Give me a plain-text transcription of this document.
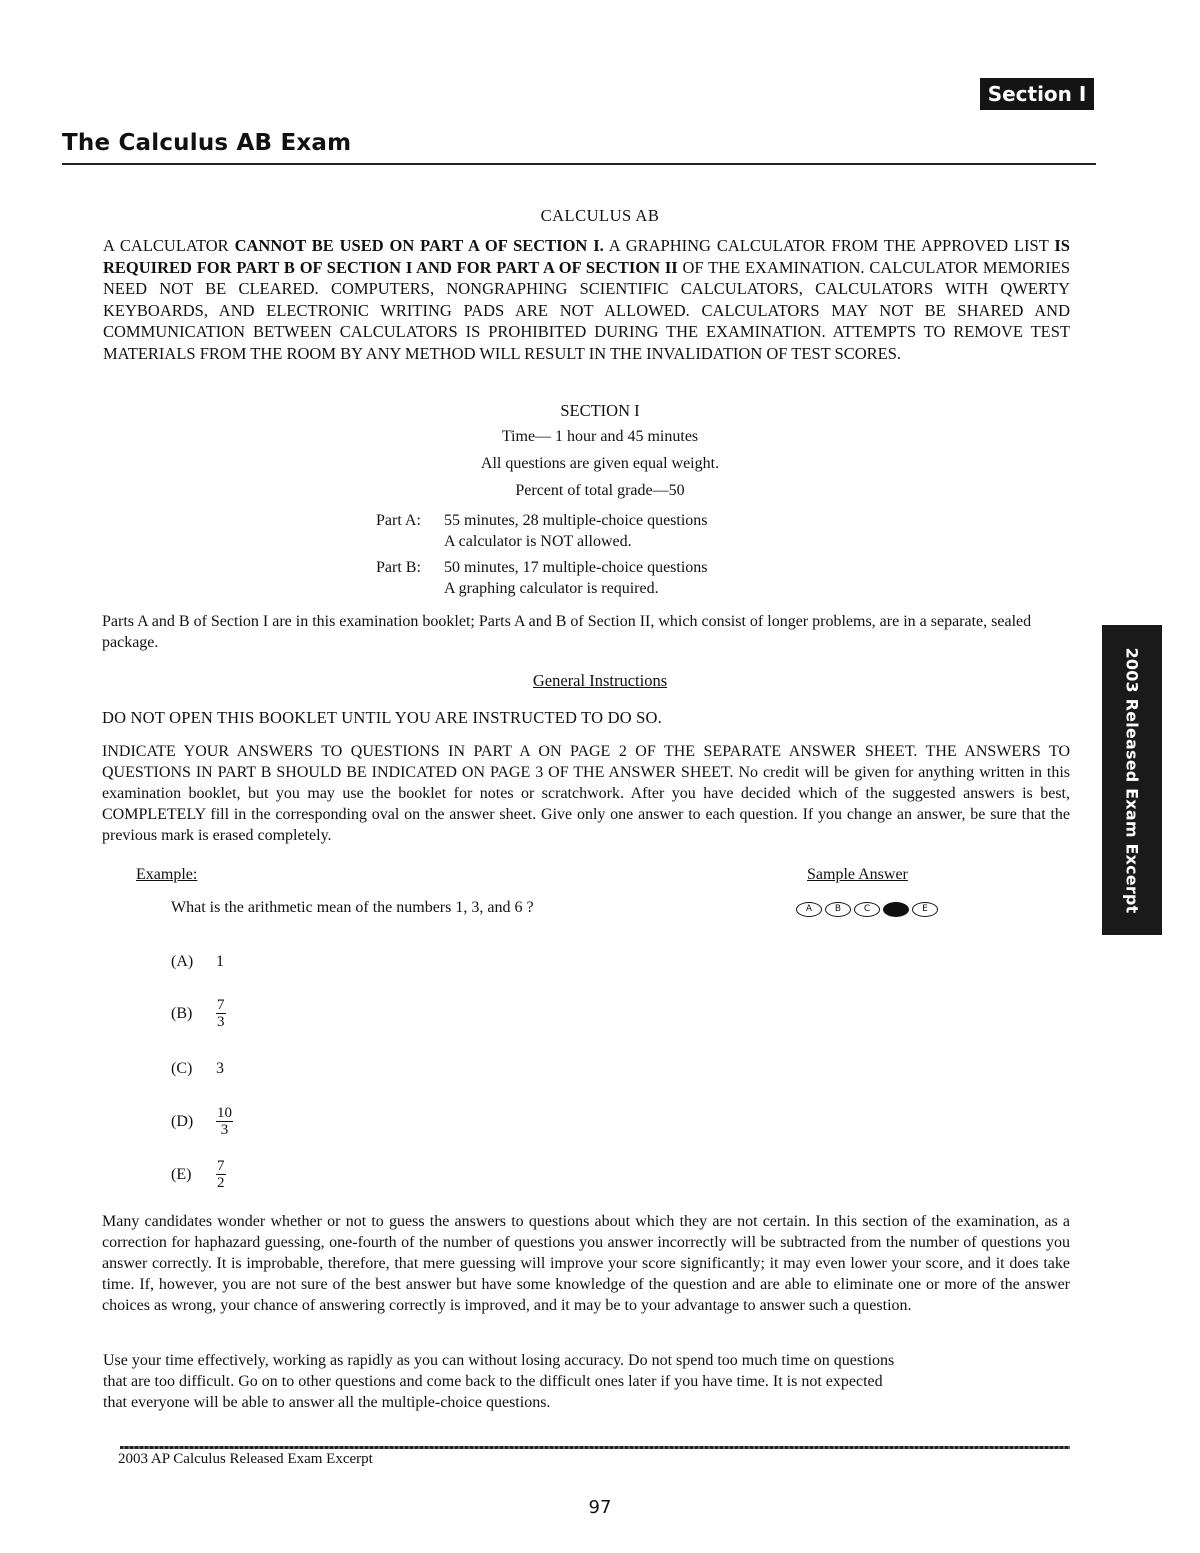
Section I
The Calculus AB Exam
2003 Released Exam Excerpt
CALCULUS AB
A CALCULATOR CANNOT BE USED ON PART A OF SECTION I. A GRAPHING CALCULATOR FROM THE APPROVED LIST IS REQUIRED FOR PART B OF SECTION I AND FOR PART A OF SECTION II OF THE EXAMINATION. CALCULATOR MEMORIES NEED NOT BE CLEARED. COMPUTERS, NONGRAPHING SCIENTIFIC CALCULATORS, CALCULATORS WITH QWERTY KEYBOARDS, AND ELECTRONIC WRITING PADS ARE NOT ALLOWED. CALCULATORS MAY NOT BE SHARED AND COMMUNICATION BETWEEN CALCULATORS IS PROHIBITED DURING THE EXAMINATION. ATTEMPTS TO REMOVE TEST MATERIALS FROM THE ROOM BY ANY METHOD WILL RESULT IN THE INVALIDATION OF TEST SCORES.
SECTION I
Time— 1 hour and 45 minutes
All questions are given equal weight.
Percent of total grade—50
Part A: 55 minutes, 28 multiple-choice questions
A calculator is NOT allowed.
Part B: 50 minutes, 17 multiple-choice questions
A graphing calculator is required.
Parts A and B of Section I are in this examination booklet; Parts A and B of Section II, which consist of longer problems, are in a separate, sealed package.
General Instructions
DO NOT OPEN THIS BOOKLET UNTIL YOU ARE INSTRUCTED TO DO SO.
INDICATE YOUR ANSWERS TO QUESTIONS IN PART A ON PAGE 2 OF THE SEPARATE ANSWER SHEET. THE ANSWERS TO QUESTIONS IN PART B SHOULD BE INDICATED ON PAGE 3 OF THE ANSWER SHEET. No credit will be given for anything written in this examination booklet, but you may use the booklet for notes or scratchwork. After you have decided which of the suggested answers is best, COMPLETELY fill in the corresponding oval on the answer sheet. Give only one answer to each question. If you change an answer, be sure that the previous mark is erased completely.
Example:	Sample Answer
What is the arithmetic mean of the numbers 1, 3, and 6 ?	A	B	C	D	E
(A)	1
(B)	$\frac{7}{3}$
(C)	3
(D)	$\frac{10}{3}$
(E)	$\frac{7}{2}$
Many candidates wonder whether or not to guess the answers to questions about which they are not certain. In this section of the examination, as a correction for haphazard guessing, one-fourth of the number of questions you answer incorrectly will be subtracted from the number of questions you answer correctly. It is improbable, therefore, that mere guessing will improve your score significantly; it may even lower your score, and it does take time. If, however, you are not sure of the best answer but have some knowledge of the question and are able to eliminate one or more of the answer choices as wrong, your chance of answering correctly is improved, and it may be to your advantage to answer such a question.
Use your time effectively, working as rapidly as you can without losing accuracy. Do not spend too much time on questions that are too difficult. Go on to other questions and come back to the difficult ones later if you have time. It is not expected that everyone will be able to answer all the multiple-choice questions.
2003 AP Calculus Released Exam Excerpt
97
